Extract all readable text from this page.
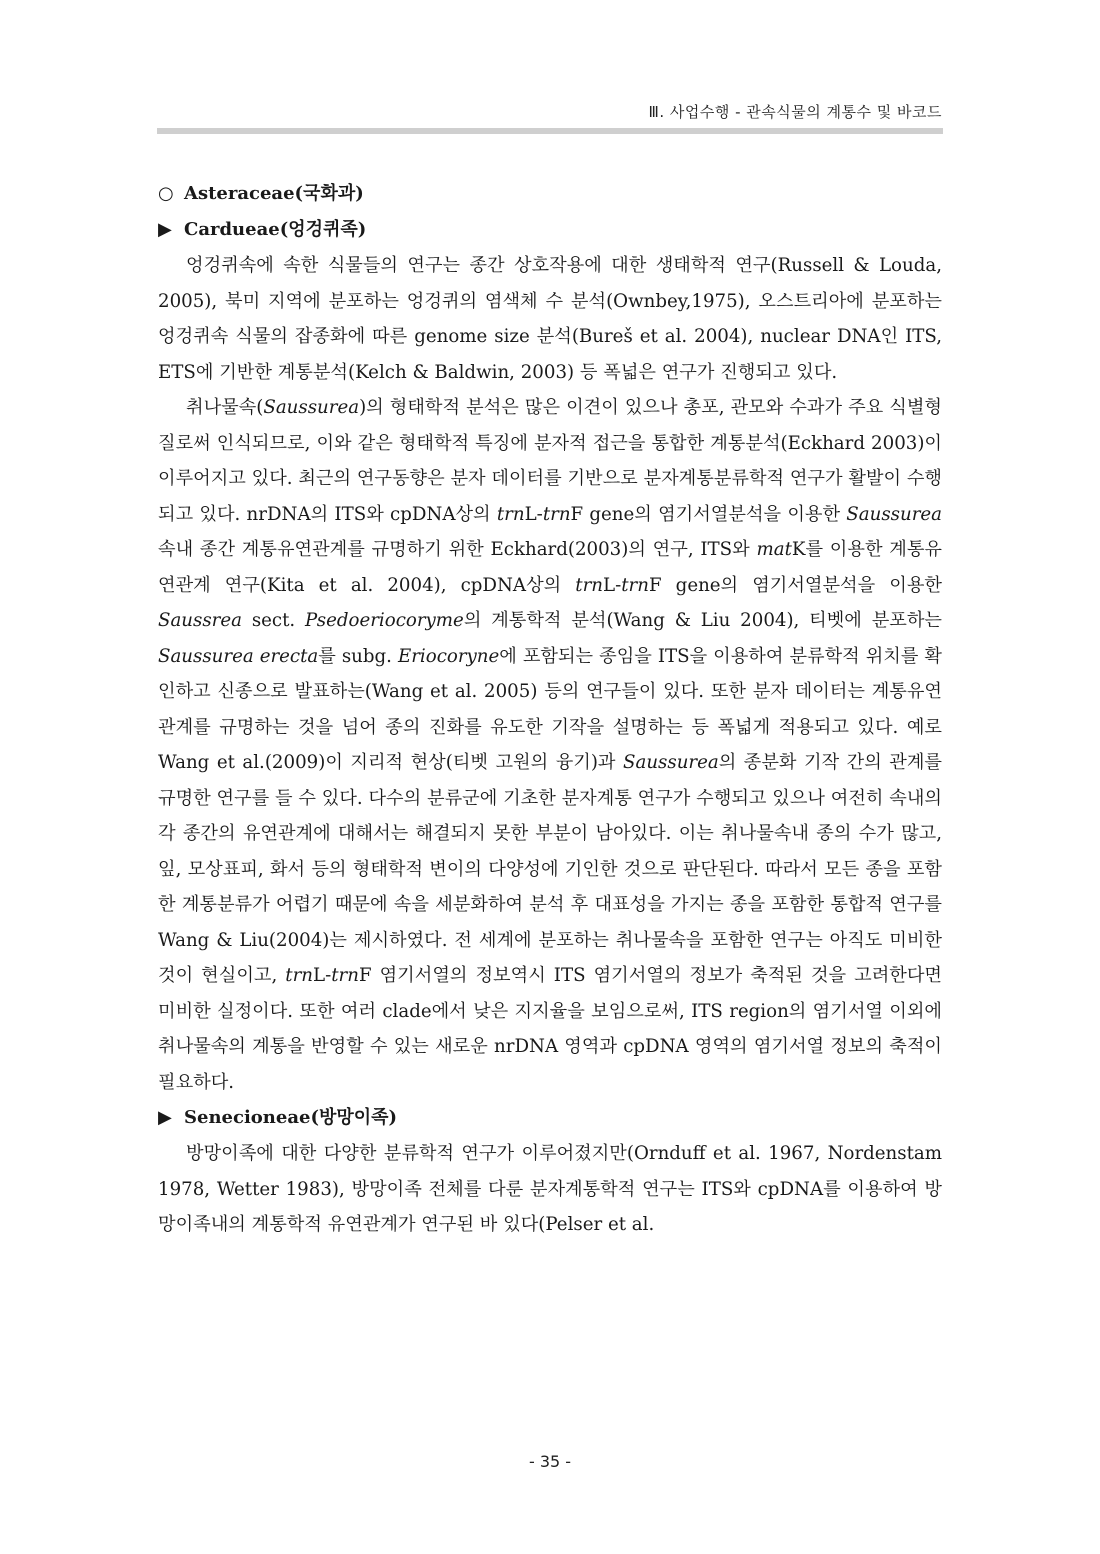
Ⅲ. 사업수행 - 관속식물의 계통수 및 바코드
○ Asteraceae(국화과)
▶ Cardueae(엉겅퀴족)

엉겅퀴속에 속한 식물들의 연구는 종간 상호작용에 대한 생태학적 연구(Russell & Louda, 2005), 북미 지역에 분포하는 엉겅퀴의 염색체 수 분석(Ownbey,1975), 오스트리아에 분포하는 엉겅퀴속 식물의 잡종화에 따른 genome size 분석(Bureš et al. 2004), nuclear DNA인 ITS, ETS에 기반한 계통분석(Kelch & Baldwin, 2003) 등 폭넓은 연구가 진행되고 있다.

취나물속(Saussurea)의 형태학적 분석은 많은 이견이 있으나 총포, 관모와 수과가 주요 식별형질로써 인식되므로, 이와 같은 형태학적 특징에 분자적 접근을 통합한 계통분석(Eckhard 2003)이 이루어지고 있다. 최근의 연구동향은 분자 데이터를 기반으로 분자계통분류학적 연구가 활발이 수행되고 있다. nrDNA의 ITS와 cpDNA상의 trnL-trnF gene의 염기서열분석을 이용한 Saussurea 속내 종간 계통유연관계를 규명하기 위한 Eckhard(2003)의 연구, ITS와 matK를 이용한 계통유연관계 연구(Kita et al. 2004), cpDNA상의 trnL-trnF gene의 염기서열분석을 이용한 Saussrea sect. Psedoeriocoryme의 계통학적 분석(Wang & Liu 2004), 티벳에 분포하는 Saussurea erecta를 subg. Eriocoryne에 포함되는 종임을 ITS을 이용하여 분류학적 위치를 확인하고 신종으로 발표하는(Wang et al. 2005) 등의 연구들이 있다. 또한 분자 데이터는 계통유연관계를 규명하는 것을 넘어 종의 진화를 유도한 기작을 설명하는 등 폭넓게 적용되고 있다. 예로 Wang et al.(2009)이 지리적 현상(티벳 고원의 융기)과 Saussurea의 종분화 기작 간의 관계를 규명한 연구를 들 수 있다. 다수의 분류군에 기초한 분자계통 연구가 수행되고 있으나 여전히 속내의 각 종간의 유연관계에 대해서는 해결되지 못한 부분이 남아있다. 이는 취나물속내 종의 수가 많고, 잎, 모상표피, 화서 등의 형태학적 변이의 다양성에 기인한 것으로 판단된다. 따라서 모든 종을 포함한 계통분류가 어렵기 때문에 속을 세분화하여 분석 후 대표성을 가지는 종을 포함한 통합적 연구를 Wang & Liu(2004)는 제시하였다. 전 세계에 분포하는 취나물속을 포함한 연구는 아직도 미비한 것이 현실이고, trnL-trnF 염기서열의 정보역시 ITS 염기서열의 정보가 축적된 것을 고려한다면 미비한 실정이다. 또한 여러 clade에서 낮은 지지율을 보임으로써, ITS region의 염기서열 이외에 취나물속의 계통을 반영할 수 있는 새로운 nrDNA 영역과 cpDNA 영역의 염기서열 정보의 축적이 필요하다.

▶ Senecioneae(방망이족)

방망이족에 대한 다양한 분류학적 연구가 이루어졌지만(Ornduff et al. 1967, Nordenstam 1978, Wetter 1983), 방망이족 전체를 다룬 분자계통학적 연구는 ITS와 cpDNA를 이용하여 방망이족내의 계통학적 유연관계가 연구된 바 있다(Pelser et al.

- 35 -
